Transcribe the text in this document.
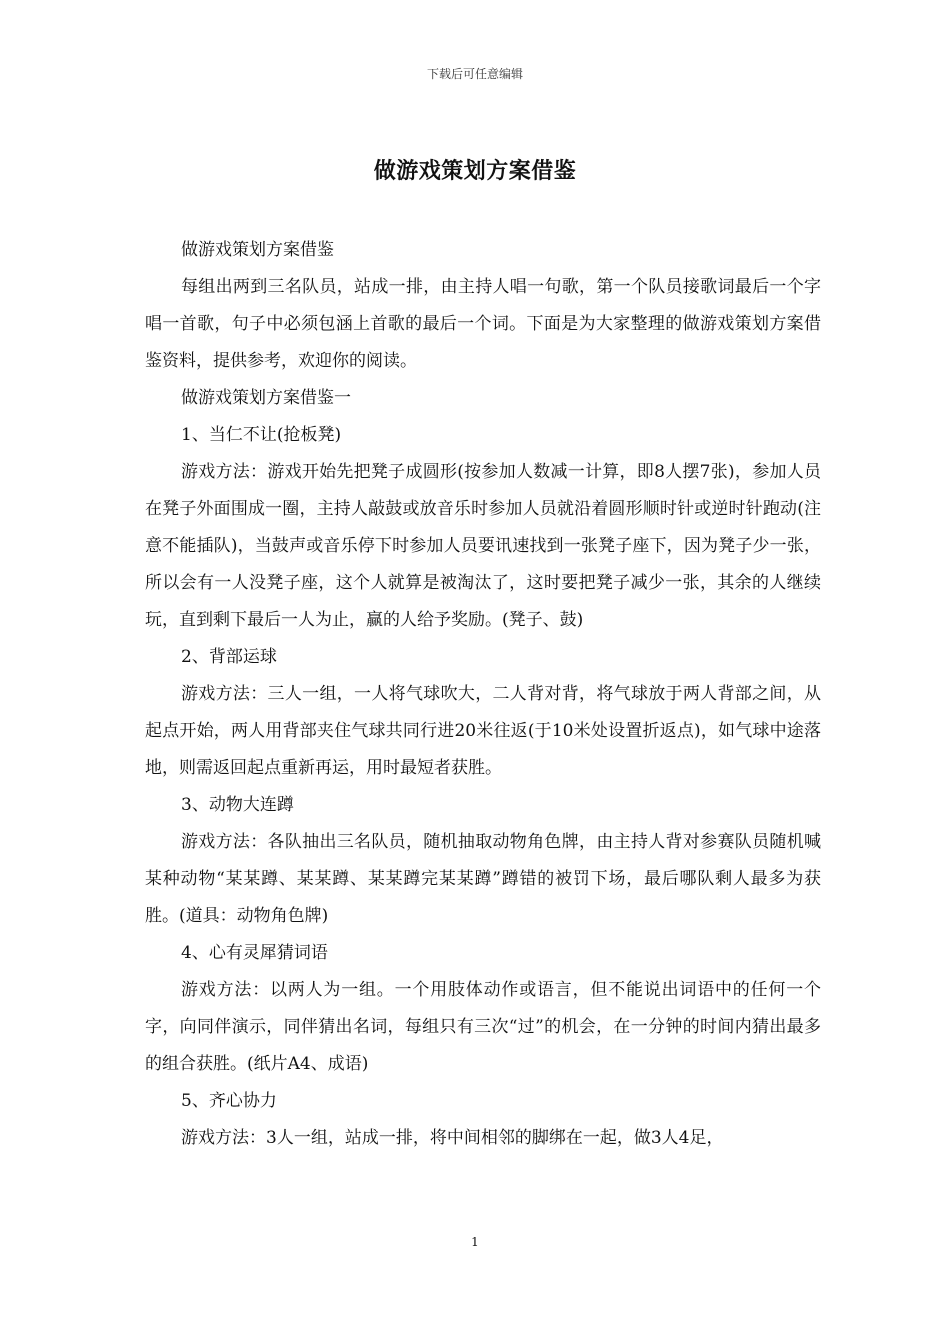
下载后可任意编辑
做游戏策划方案借鉴

做游戏策划方案借鉴

每组出两到三名队员，站成一排，由主持人唱一句歌，第一个队员接歌词最后一个字唱一首歌，句子中必须包涵上首歌的最后一个词。下面是为大家整理的做游戏策划方案借鉴资料，提供参考，欢迎你的阅读。

做游戏策划方案借鉴一

1、当仁不让(抢板凳)

游戏方法：游戏开始先把凳子成圆形(按参加人数减一计算，即8人摆7张)，参加人员在凳子外面围成一圈，主持人敲鼓或放音乐时参加人员就沿着圆形顺时针或逆时针跑动(注意不能插队)，当鼓声或音乐停下时参加人员要讯速找到一张凳子座下，因为凳子少一张，所以会有一人没凳子座，这个人就算是被淘汰了，这时要把凳子减少一张，其余的人继续玩，直到剩下最后一人为止，赢的人给予奖励。(凳子、鼓)

2、背部运球

游戏方法：三人一组，一人将气球吹大，二人背对背，将气球放于两人背部之间，从起点开始，两人用背部夹住气球共同行进20米往返(于10米处设置折返点)，如气球中途落地，则需返回起点重新再运，用时最短者获胜。

3、动物大连蹲

游戏方法：各队抽出三名队员，随机抽取动物角色牌，由主持人背对参赛队员随机喊某种动物“某某蹲、某某蹲、某某蹲完某某蹲”蹲错的被罚下场，最后哪队剩人最多为获胜。(道具：动物角色牌)

4、心有灵犀猜词语

游戏方法：以两人为一组。一个用肢体动作或语言，但不能说出词语中的任何一个字，向同伴演示，同伴猜出名词，每组只有三次“过”的机会，在一分钟的时间内猜出最多的组合获胜。(纸片A4、成语)

5、齐心协力

游戏方法：3人一组，站成一排，将中间相邻的脚绑在一起，做3人4足，

1
